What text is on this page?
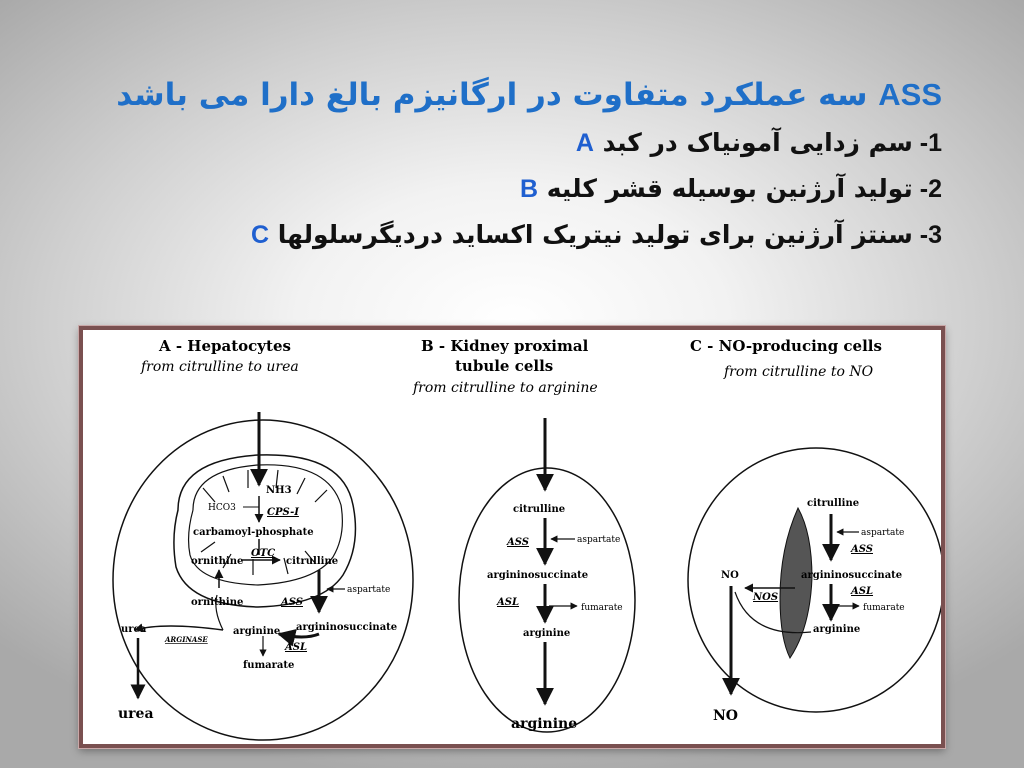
ASS سه عملکرد متفاوت در ارگانیزم بالغ دارا می باشد
1- سم زدایی آمونیاک در کبد A
2- تولید آرژنین بوسیله قشر کلیه B
3- سنتز آرژنین برای تولید نیتریک اکساید دردیگرسلولها C
A - Hepatocytes
from citrulline to urea
NH3
HCO3	CPS-I
carbamoyl-phosphate
ornithine
OTC
citrulline
aspartate
ornithine	ASS
urea
ARGINASE
arginine argininosuccinate
ASL
fumarate
urea
B - Kidney proximal
tubule cells
from citrulline to arginine
citrulline
ASS	aspartate
argininosuccinate
ASL	fumarate
arginine
arginine
C - NO-producing cells
from citrulline to NO
citrulline
aspartate
ASS
NO
NOS
argininosuccinate
ASL
fumarate
arginine
NO
